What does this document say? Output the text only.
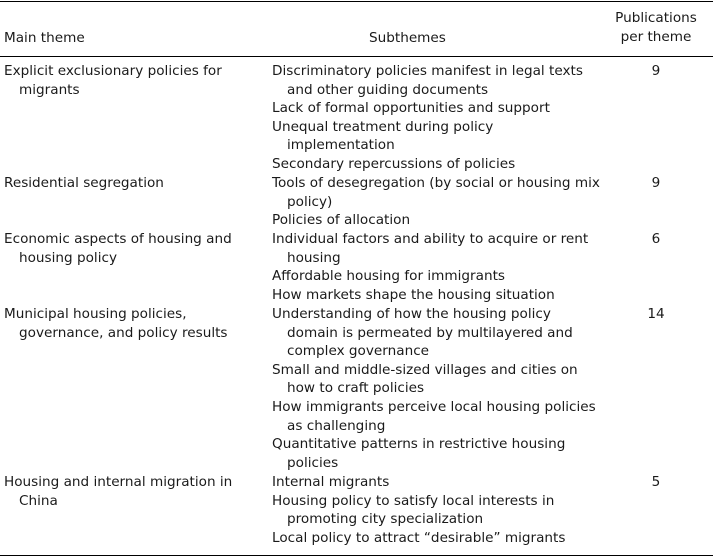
Main theme	Subthemes
Publications
per theme
Explicit exclusionary policies for migrants
Discriminatory policies manifest in legal texts and other guiding documents
Lack of formal opportunities and support
Unequal treatment during policy implementation
Secondary repercussions of policies
9
Residential segregation	Tools of desegregation (by social or housing mix policy)
Policies of allocation
9
Economic aspects of housing and housing policy
Individual factors and ability to acquire or rent housing
Affordable housing for immigrants
How markets shape the housing situation
6
Municipal housing policies, governance, and policy results
Understanding of how the housing policy domain is permeated by multilayered and complex governance
Small and middle-sized villages and cities on how to craft policies
How immigrants perceive local housing policies as challenging
Quantitative patterns in restrictive housing policies
14
Housing and internal migration in China
Internal migrants
Housing policy to satisfy local interests in promoting city specialization
Local policy to attract “desirable” migrants
5
